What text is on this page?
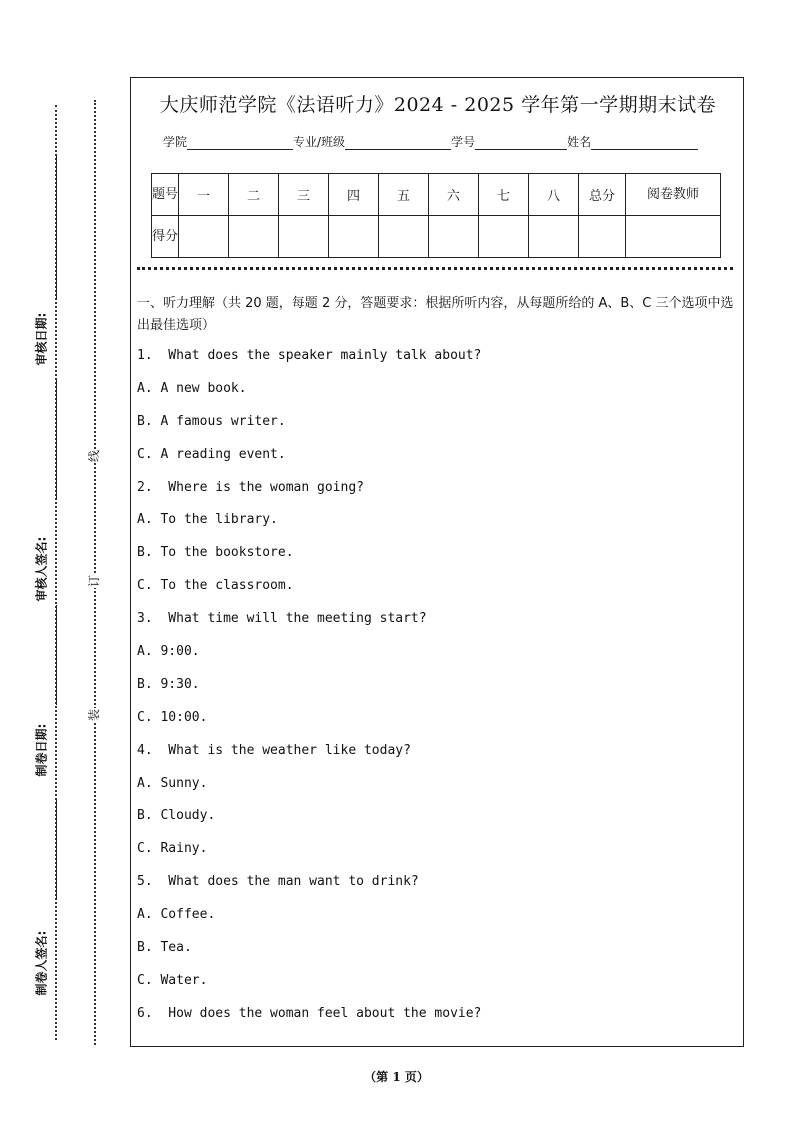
审核日期:
审核人签名:
制卷日期:
制卷人签名:
线
订
装
大庆师范学院《法语听力》2024 - 2025 学年第一学期期末试卷
学院	专业/班级	学号	姓名
题号	一	二	三	四	五	六	七	八	总分	阅卷教师
得分										
一、听力理解（共 20 题，每题 2 分，答题要求：根据所听内容，从每题所给的 A、B、C 三个选项中选出最佳选项）
1.  What does the speaker mainly talk about?
A. A new book.
B. A famous writer.
C. A reading event.
2.  Where is the woman going?
A. To the library.
B. To the bookstore.
C. To the classroom.
3.  What time will the meeting start?
A. 9:00.
B. 9:30.
C. 10:00.
4.  What is the weather like today?
A. Sunny.
B. Cloudy.
C. Rainy.
5.  What does the man want to drink?
A. Coffee.
B. Tea.
C. Water.
6.  How does the woman feel about the movie?
（第 1 页）
